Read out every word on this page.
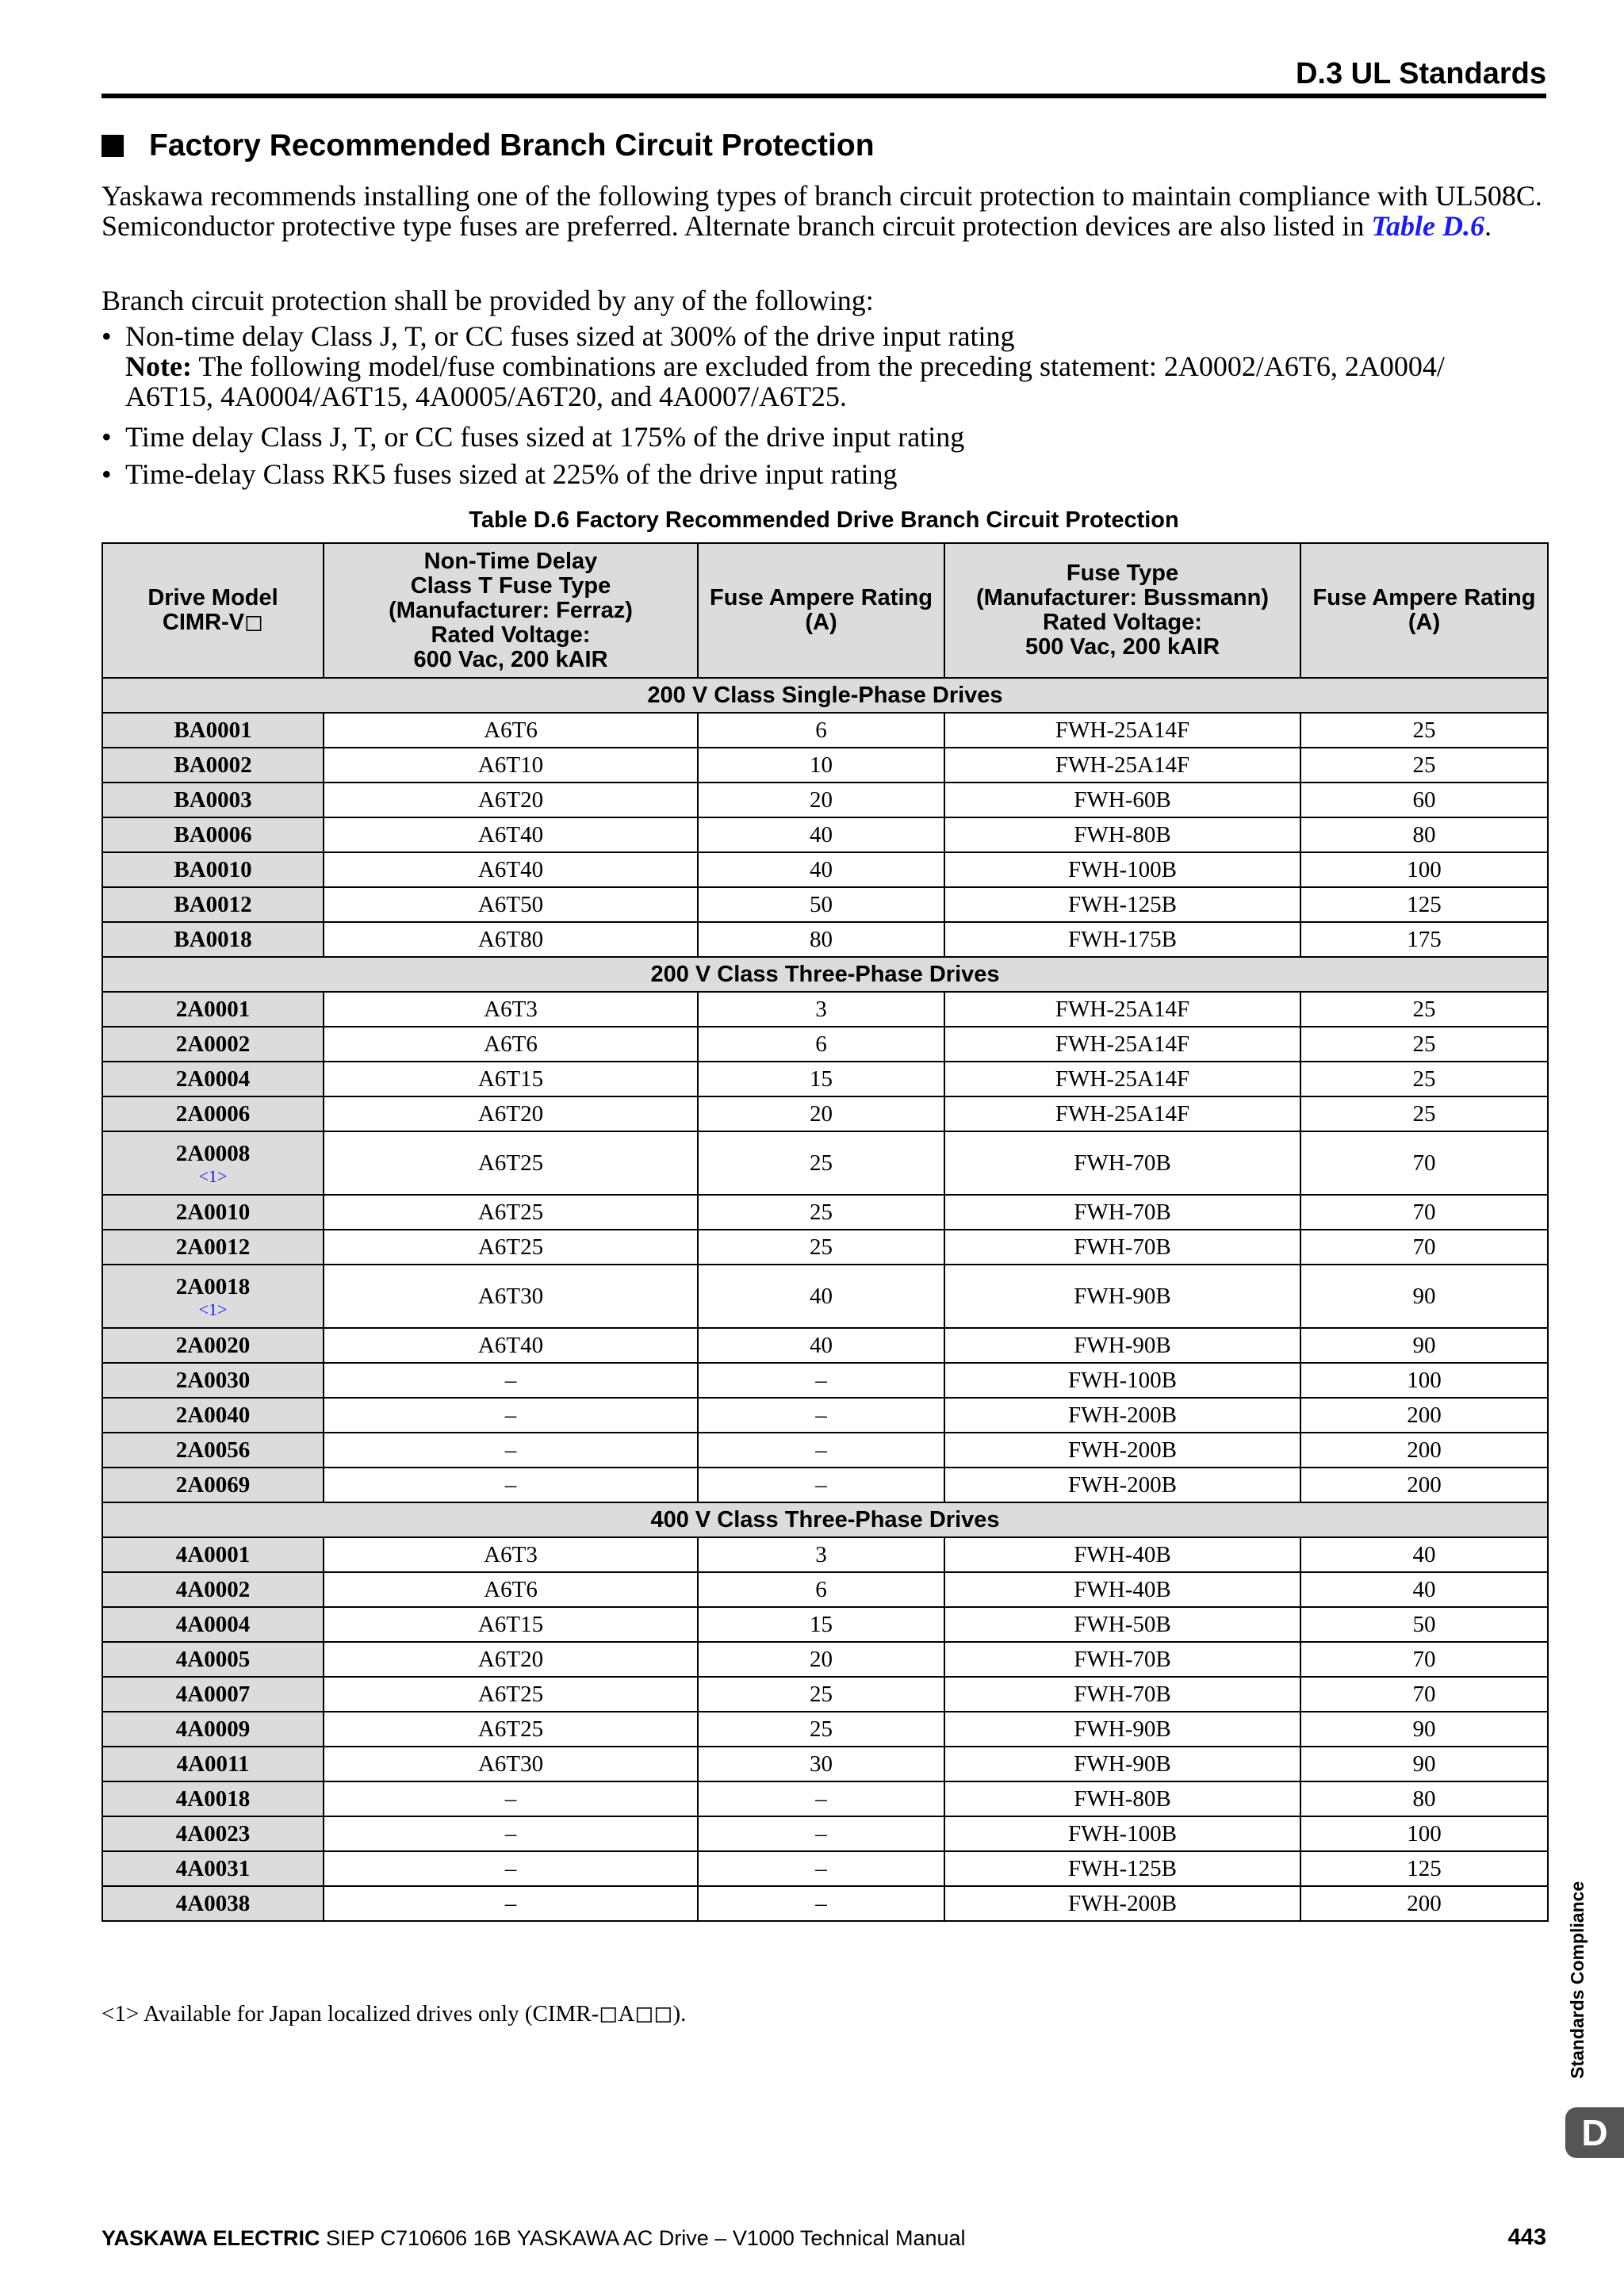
D.3 UL Standards
Factory Recommended Branch Circuit Protection
Yaskawa recommends installing one of the following types of branch circuit protection to maintain compliance with UL508C. Semiconductor protective type fuses are preferred. Alternate branch circuit protection devices are also listed in Table D.6.
Branch circuit protection shall be provided by any of the following:
• Non-time delay Class J, T, or CC fuses sized at 300% of the drive input rating
Note: The following model/fuse combinations are excluded from the preceding statement: 2A0002/A6T6, 2A0004/ A6T15, 4A0004/A6T15, 4A0005/A6T20, and 4A0007/A6T25.
• Time delay Class J, T, or CC fuses sized at 175% of the drive input rating
• Time-delay Class RK5 fuses sized at 225% of the drive input rating
Table D.6 Factory Recommended Drive Branch Circuit Protection
Drive Model
CIMR-V◻	Non-Time Delay
Class T Fuse Type
(Manufacturer: Ferraz)
Rated Voltage:
600 Vac, 200 kAIR	Fuse Ampere Rating
(A)	Fuse Type
(Manufacturer: Bussmann)
Rated Voltage:
500 Vac, 200 kAIR	Fuse Ampere Rating
(A)
200 V Class Single-Phase Drives				
BA0001	A6T6	6	FWH-25A14F	25
BA0002	A6T10	10	FWH-25A14F	25
BA0003	A6T20	20	FWH-60B	60
BA0006	A6T40	40	FWH-80B	80
BA0010	A6T40	40	FWH-100B	100
BA0012	A6T50	50	FWH-125B	125
BA0018	A6T80	80	FWH-175B	175
200 V Class Three-Phase Drives				
2A0001	A6T3	3	FWH-25A14F	25
2A0002	A6T6	6	FWH-25A14F	25
2A0004	A6T15	15	FWH-25A14F	25
2A0006	A6T20	20	FWH-25A14F	25
2A0008
<1>	A6T25	25	FWH-70B	70
2A0010	A6T25	25	FWH-70B	70
2A0012	A6T25	25	FWH-70B	70
2A0018
<1>	A6T30	40	FWH-90B	90
2A0020	A6T40	40	FWH-90B	90
2A0030	–	–	FWH-100B	100
2A0040	–	–	FWH-200B	200
2A0056	–	–	FWH-200B	200
2A0069	–	–	FWH-200B	200
400 V Class Three-Phase Drives				
4A0001	A6T3	3	FWH-40B	40
4A0002	A6T6	6	FWH-40B	40
4A0004	A6T15	15	FWH-50B	50
4A0005	A6T20	20	FWH-70B	70
4A0007	A6T25	25	FWH-70B	70
4A0009	A6T25	25	FWH-90B	90
4A0011	A6T30	30	FWH-90B	90
4A0018	–	–	FWH-80B	80
4A0023	–	–	FWH-100B	100
4A0031	–	–	FWH-125B	125
4A0038	–	–	FWH-200B	200
<1> Available for Japan localized drives only (CIMR-◻A◻◻).	Standards Compliance
D
YASKAWA ELECTRIC SIEP C710606 16B YASKAWA AC Drive – V1000 Technical Manual	443
